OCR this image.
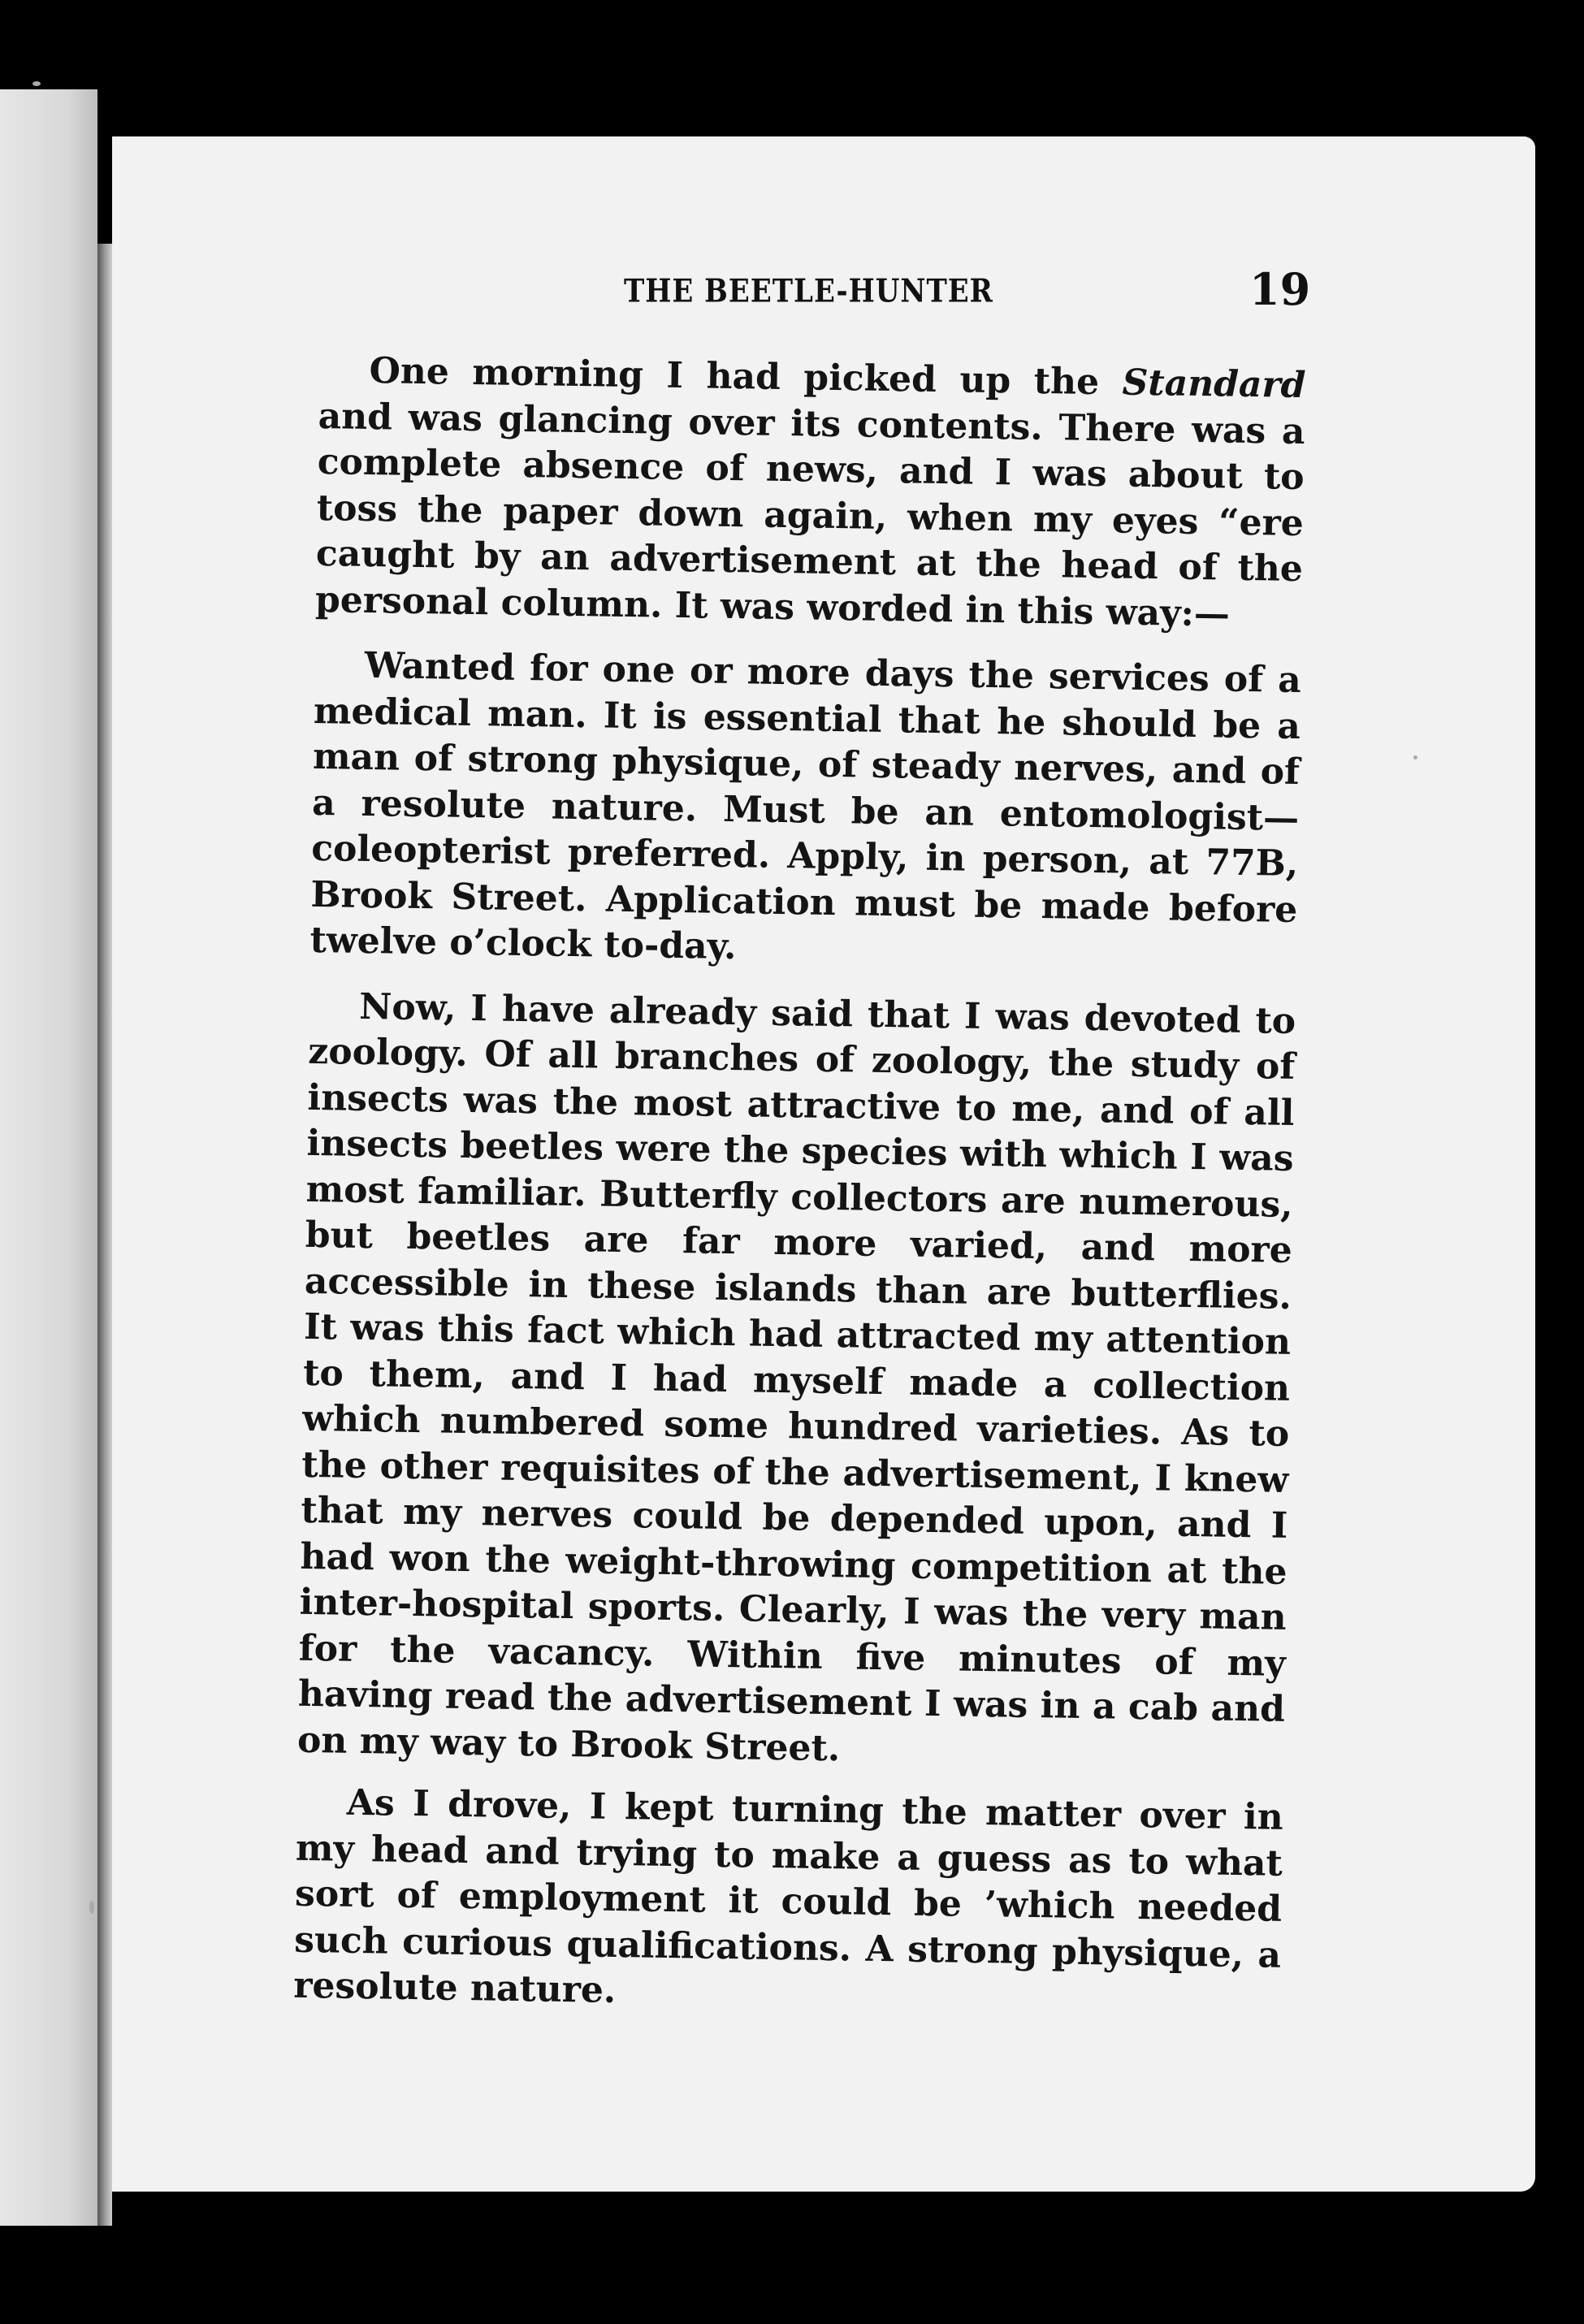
THE BEETLE-HUNTER	19

One morning I had picked up the Standard and was glancing over its contents. There was a complete absence of news, and I was about to toss the paper down again, when my eyes “ere caught by an advertisement at the head of the personal column. It was worded in this way:—

Wanted for one or more days the services of a medical man. It is essential that he should be a man of strong physique, of steady nerves, and of a resolute nature. Must be an entomologist—coleopterist preferred. Apply, in person, at 77B, Brook Street. Application must be made before twelve o’clock to-day.

Now, I have already said that I was devoted to zoology. Of all branches of zoology, the study of insects was the most attractive to me, and of all insects beetles were the species with which I was most familiar. Butterfly collectors are numerous, but beetles are far more varied, and more accessible in these islands than are butterflies. It was this fact which had attracted my attention to them, and I had myself made a collection which numbered some hundred varieties. As to the other requisites of the advertisement, I knew that my nerves could be depended upon, and I had won the weight-throwing competition at the inter-hospital sports. Clearly, I was the very man for the vacancy. Within five minutes of my having read the advertisement I was in a cab and on my way to Brook Street.

As I drove, I kept turning the matter over in my head and trying to make a guess as to what sort of employment it could be ’which needed such curious qualifications. A strong physique, a resolute nature.
